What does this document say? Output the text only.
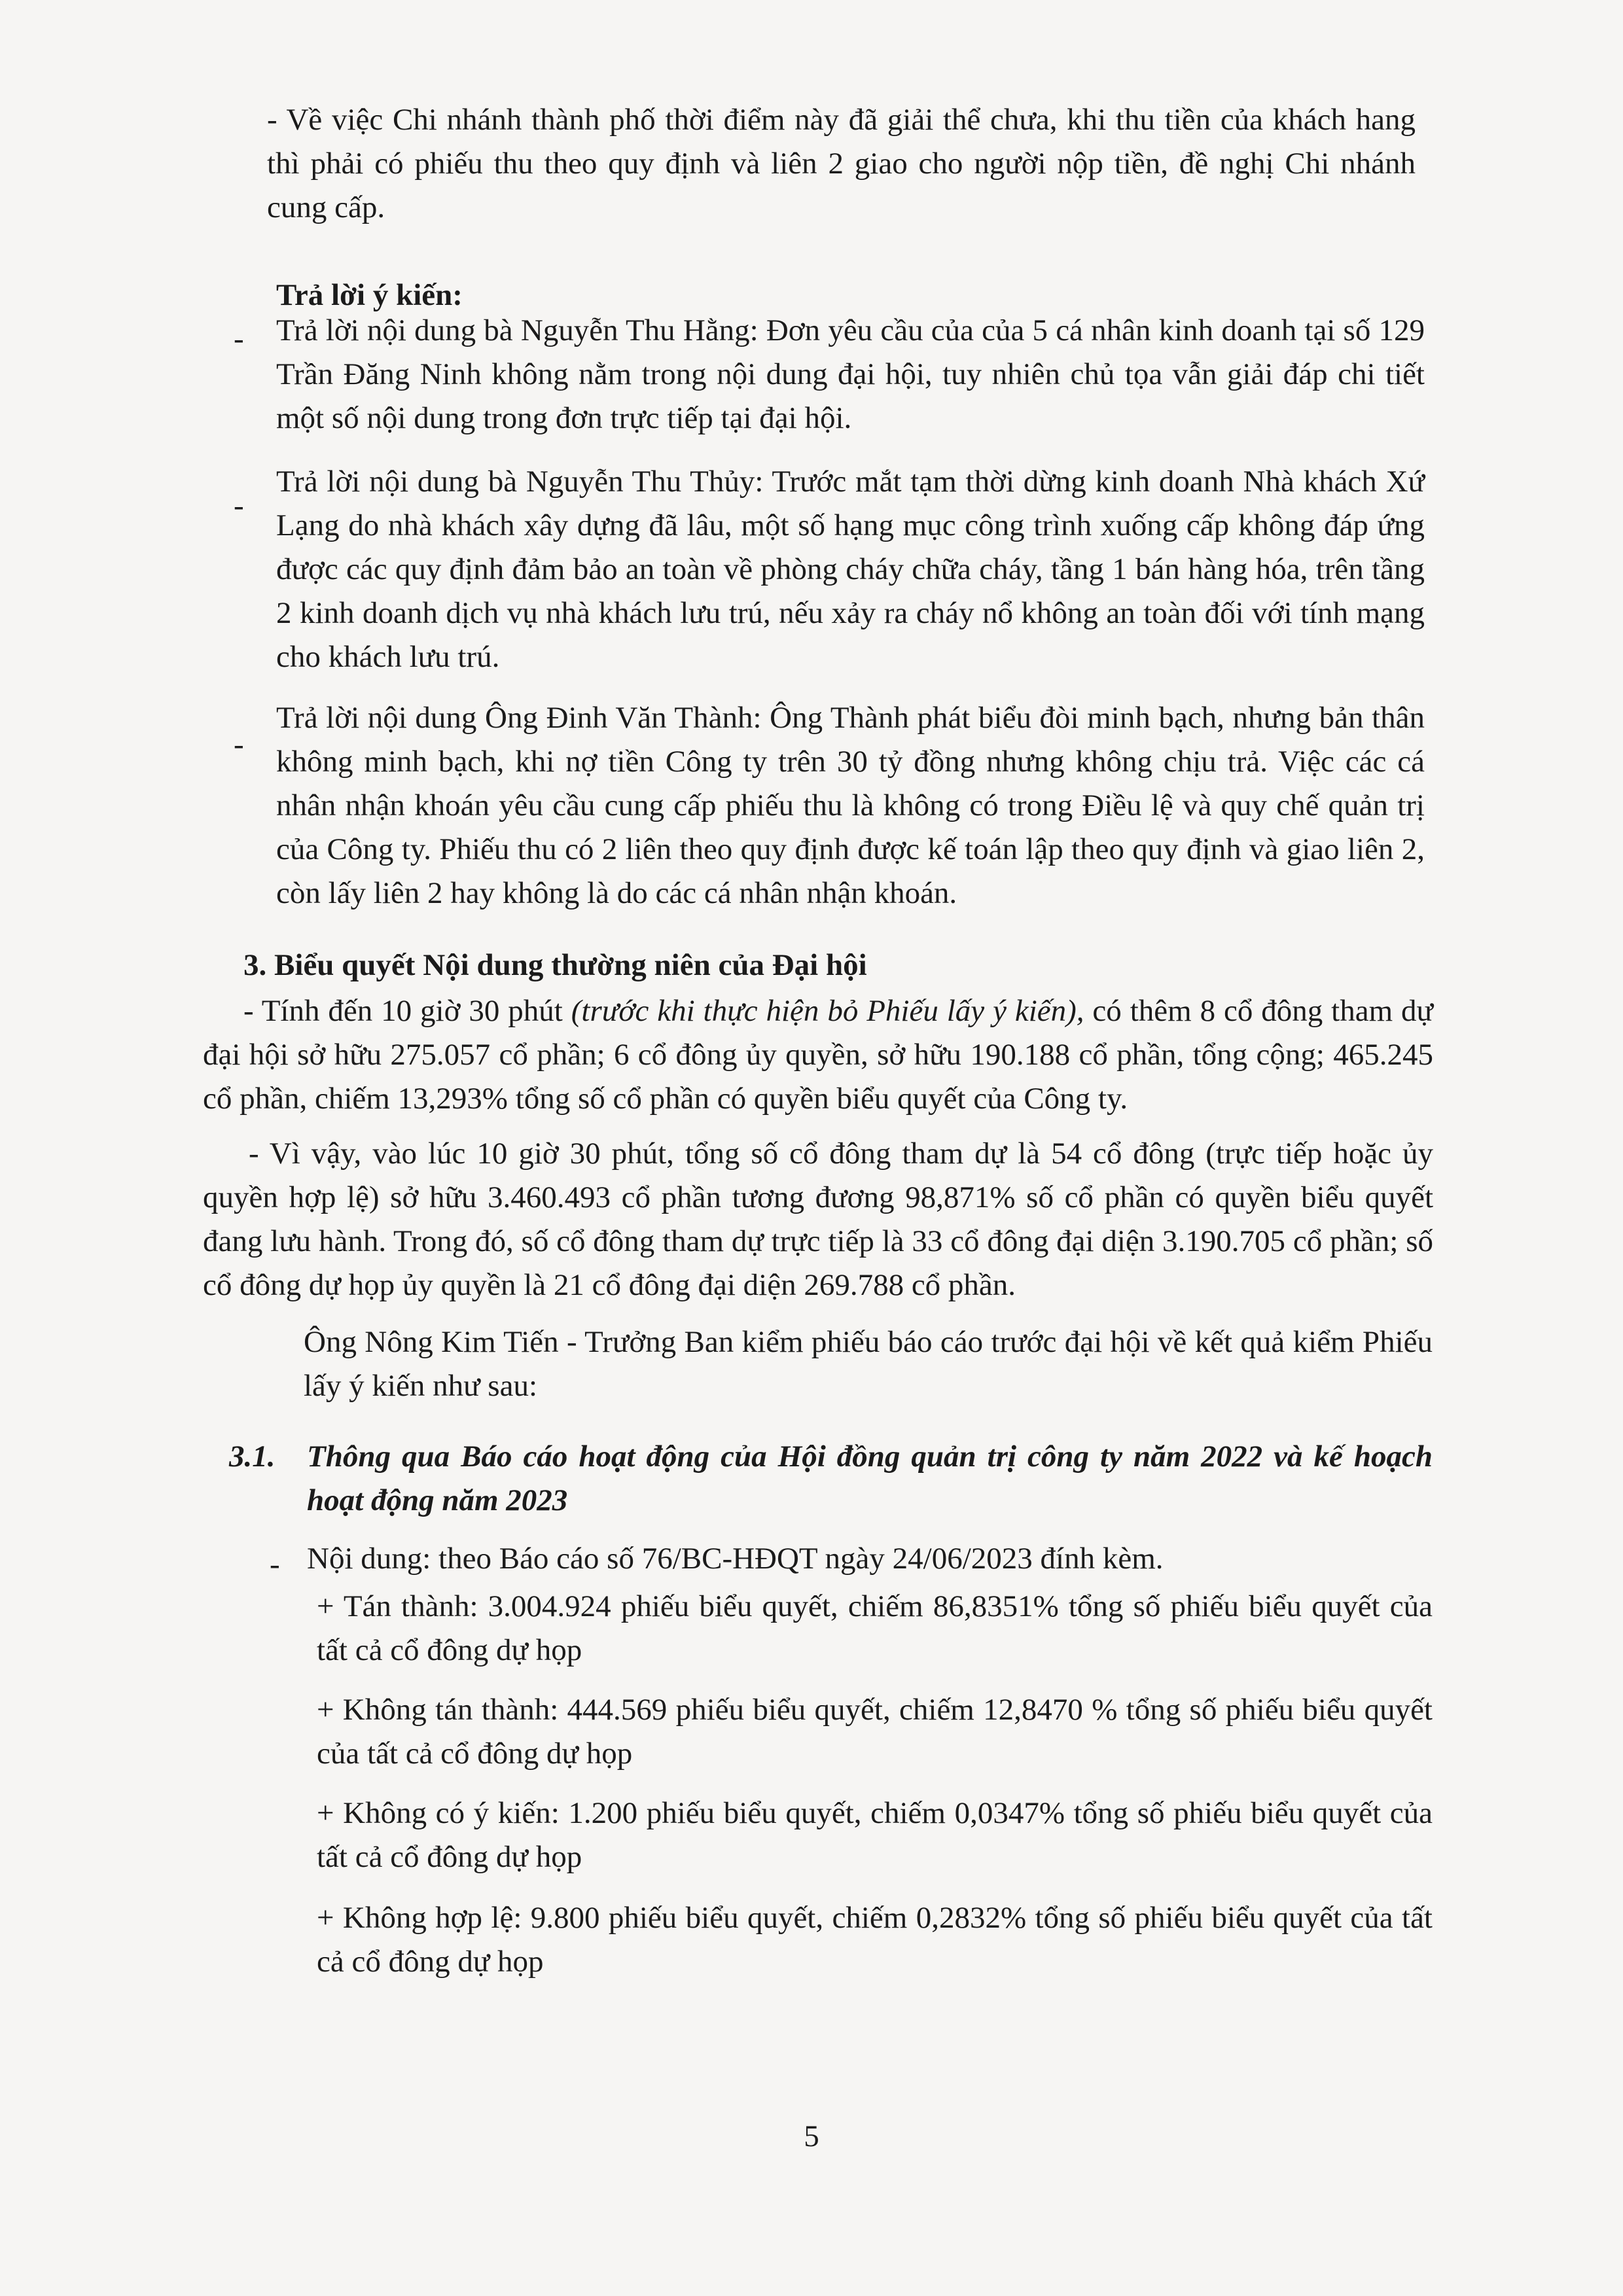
- Về việc Chi nhánh thành phố thời điểm này đã giải thể chưa, khi thu tiền của khách hang thì phải có phiếu thu theo quy định và liên 2 giao cho người nộp tiền, đề nghị Chi nhánh cung cấp.

Trả lời ý kiến:

- Trả lời nội dung bà Nguyễn Thu Hằng: Đơn yêu cầu của của 5 cá nhân kinh doanh tại số 129 Trần Đăng Ninh không nằm trong nội dung đại hội, tuy nhiên chủ tọa vẫn giải đáp chi tiết một số nội dung trong đơn trực tiếp tại đại hội.

-

Trả lời nội dung bà Nguyễn Thu Thủy: Trước mắt tạm thời dừng kinh doanh Nhà khách Xứ Lạng do nhà khách xây dựng đã lâu, một số hạng mục công trình xuống cấp không đáp ứng được các quy định đảm bảo an toàn về phòng cháy chữa cháy, tầng 1 bán hàng hóa, trên tầng 2 kinh doanh dịch vụ nhà khách lưu trú, nếu xảy ra cháy nổ không an toàn đối với tính mạng cho khách lưu trú.

-

Trả lời nội dung Ông Đinh Văn Thành: Ông Thành phát biểu đòi minh bạch, nhưng bản thân không minh bạch, khi nợ tiền Công ty trên 30 tỷ đồng nhưng không chịu trả. Việc các cá nhân nhận khoán yêu cầu cung cấp phiếu thu là không có trong Điều lệ và quy chế quản trị của Công ty. Phiếu thu có 2 liên theo quy định được kế toán lập theo quy định và giao liên 2, còn lấy liên 2 hay không là do các cá nhân nhận khoán.

3. Biểu quyết Nội dung thường niên của Đại hội

- Tính đến 10 giờ 30 phút (trước khi thực hiện bỏ Phiếu lấy ý kiến), có thêm 8 cổ đông tham dự đại hội sở hữu 275.057 cổ phần; 6 cổ đông ủy quyền, sở hữu 190.188 cổ phần, tổng cộng; 465.245 cổ phần, chiếm 13,293% tổng số cổ phần có quyền biểu quyết của Công ty.

- Vì vậy, vào lúc 10 giờ 30 phút, tổng số cổ đông tham dự là 54 cổ đông (trực tiếp hoặc ủy quyền hợp lệ) sở hữu 3.460.493 cổ phần tương đương 98,871% số cổ phần có quyền biểu quyết đang lưu hành. Trong đó, số cổ đông tham dự trực tiếp là 33 cổ đông đại diện 3.190.705 cổ phần; số cổ đông dự họp ủy quyền là 21 cổ đông đại diện 269.788 cổ phần.

Ông Nông Kim Tiến - Trưởng Ban kiểm phiếu báo cáo trước đại hội về kết quả kiểm Phiếu lấy ý kiến như sau:

3.1. Thông qua Báo cáo hoạt động của Hội đồng quản trị công ty năm 2022 và kế hoạch hoạt động năm 2023

- Nội dung: theo Báo cáo số 76/BC-HĐQT ngày 24/06/2023 đính kèm.

+ Tán thành: 3.004.924 phiếu biểu quyết, chiếm 86,8351% tổng số phiếu biểu quyết của tất cả cổ đông dự họp

+ Không tán thành: 444.569 phiếu biểu quyết, chiếm 12,8470 % tổng số phiếu biểu quyết của tất cả cổ đông dự họp

+ Không có ý kiến: 1.200 phiếu biểu quyết, chiếm 0,0347% tổng số phiếu biểu quyết của tất cả cổ đông dự họp

+ Không hợp lệ: 9.800 phiếu biểu quyết, chiếm 0,2832% tổng số phiếu biểu quyết của tất cả cổ đông dự họp

5
